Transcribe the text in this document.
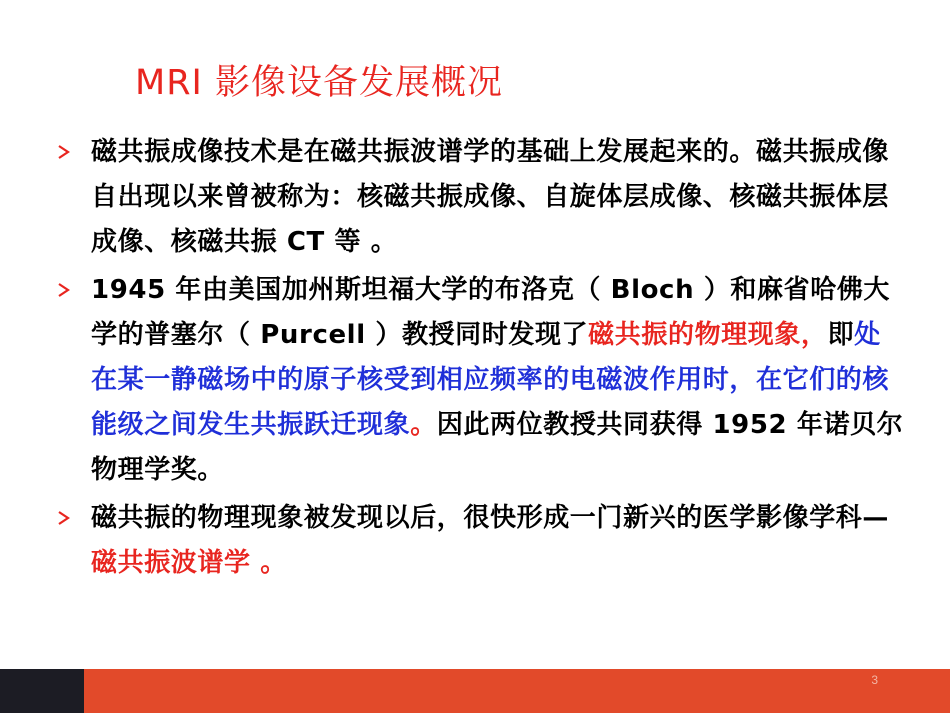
MRI 影像设备发展概况
磁共振成像技术是在磁共振波谱学的基础上发展起来的。磁共振成像自出现以来曾被称为：核磁共振成像、自旋体层成像、核磁共振体层成像、核磁共振 CT 等 。
1945 年由美国加州斯坦福大学的布洛克（ Bloch ）和麻省哈佛大学的普塞尔（ Purcell ）教授同时发现了磁共振的物理现象，即处在某一静磁场中的原子核受到相应频率的电磁波作用时，在它们的核能级之间发生共振跃迁现象。因此两位教授共同获得 1952 年诺贝尔物理学奖。
磁共振的物理现象被发现以后，很快形成一门新兴的医学影像学科—磁共振波谱学 。
3
